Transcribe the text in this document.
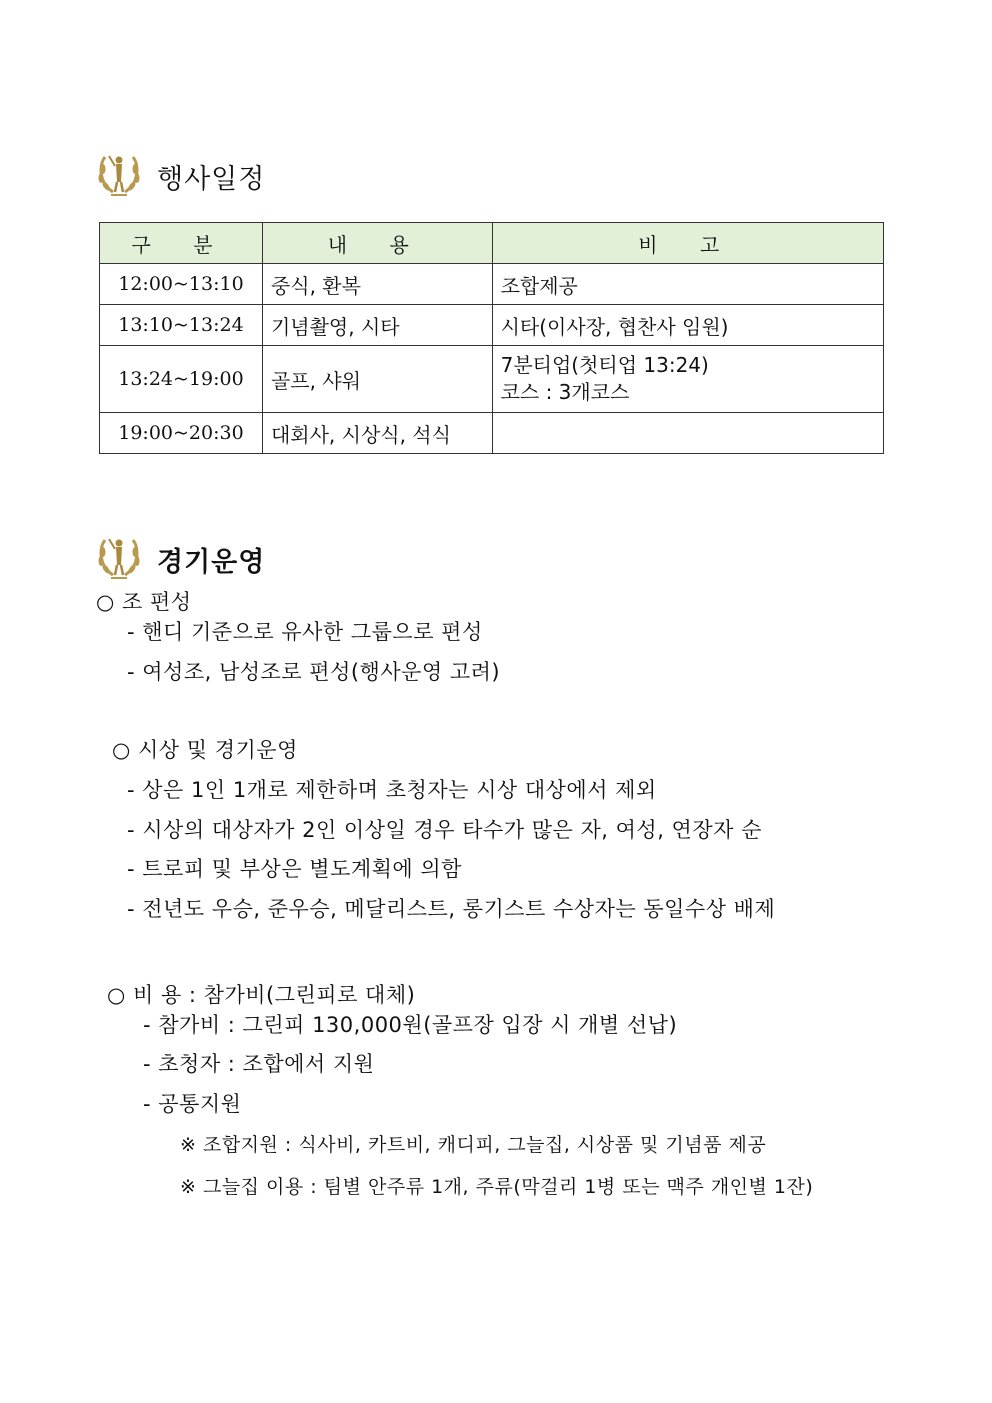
행사일정
구 분	내 용	비 고
12:00~13:10	중식, 환복	조합제공
13:10~13:24	기념촬영, 시타	시타(이사장, 협찬사 임원)
13:24~19:00	골프, 샤워	7분티업(첫티업 13:24)
코스 : 3개코스

19:00~20:30	대회사, 시상식, 석식	
경기운영
○ 조 편성
- 핸디 기준으로 유사한 그룹으로 편성
- 여성조, 남성조로 편성(행사운영 고려)
○ 시상 및 경기운영
- 상은 1인 1개로 제한하며 초청자는 시상 대상에서 제외
- 시상의 대상자가 2인 이상일 경우 타수가 많은 자, 여성, 연장자 순
- 트로피 및 부상은 별도계획에 의함
- 전년도 우승, 준우승, 메달리스트, 롱기스트 수상자는 동일수상 배제
○ 비 용 : 참가비(그린피로 대체)
- 참가비 : 그린피 130,000원(골프장 입장 시 개별 선납)
- 초청자 : 조합에서 지원
- 공통지원
※ 조합지원 : 식사비, 카트비, 캐디피, 그늘집, 시상품 및 기념품 제공
※ 그늘집 이용 : 팀별 안주류 1개, 주류(막걸리 1병 또는 맥주 개인별 1잔)
